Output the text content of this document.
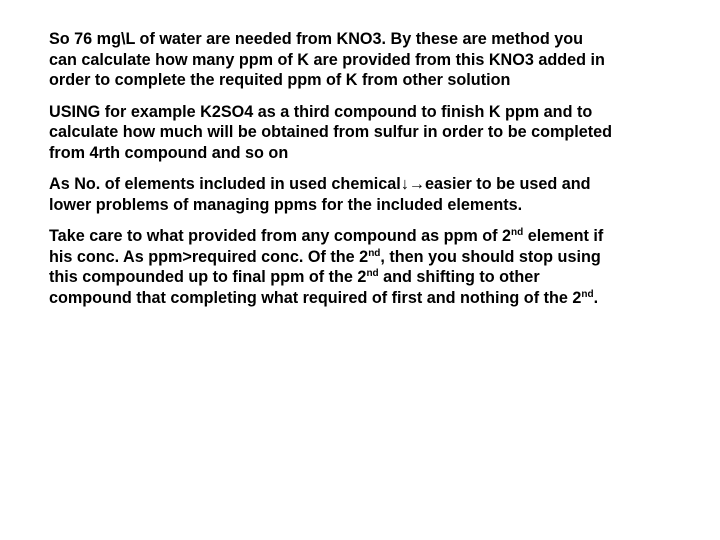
So 76 mg\L of water are needed from KNO3. By these are method you
can calculate how many ppm of K are provided from this KNO3 added in
order to complete the requited ppm of K from other solution

USING for example K2SO4 as a third compound to finish K ppm and to
calculate how much will be obtained from sulfur in order to be completed
from 4rth compound and so on

As No. of elements included in used chemical↓→easier to be used and
lower problems of managing ppms for the included elements.

Take care to what provided from any compound as ppm of 2nd element if
his conc. As ppm>required conc. Of the 2nd, then you should stop using
this compounded up to final ppm of the 2nd and shifting to other
compound that completing what required of first and nothing of the 2nd.
